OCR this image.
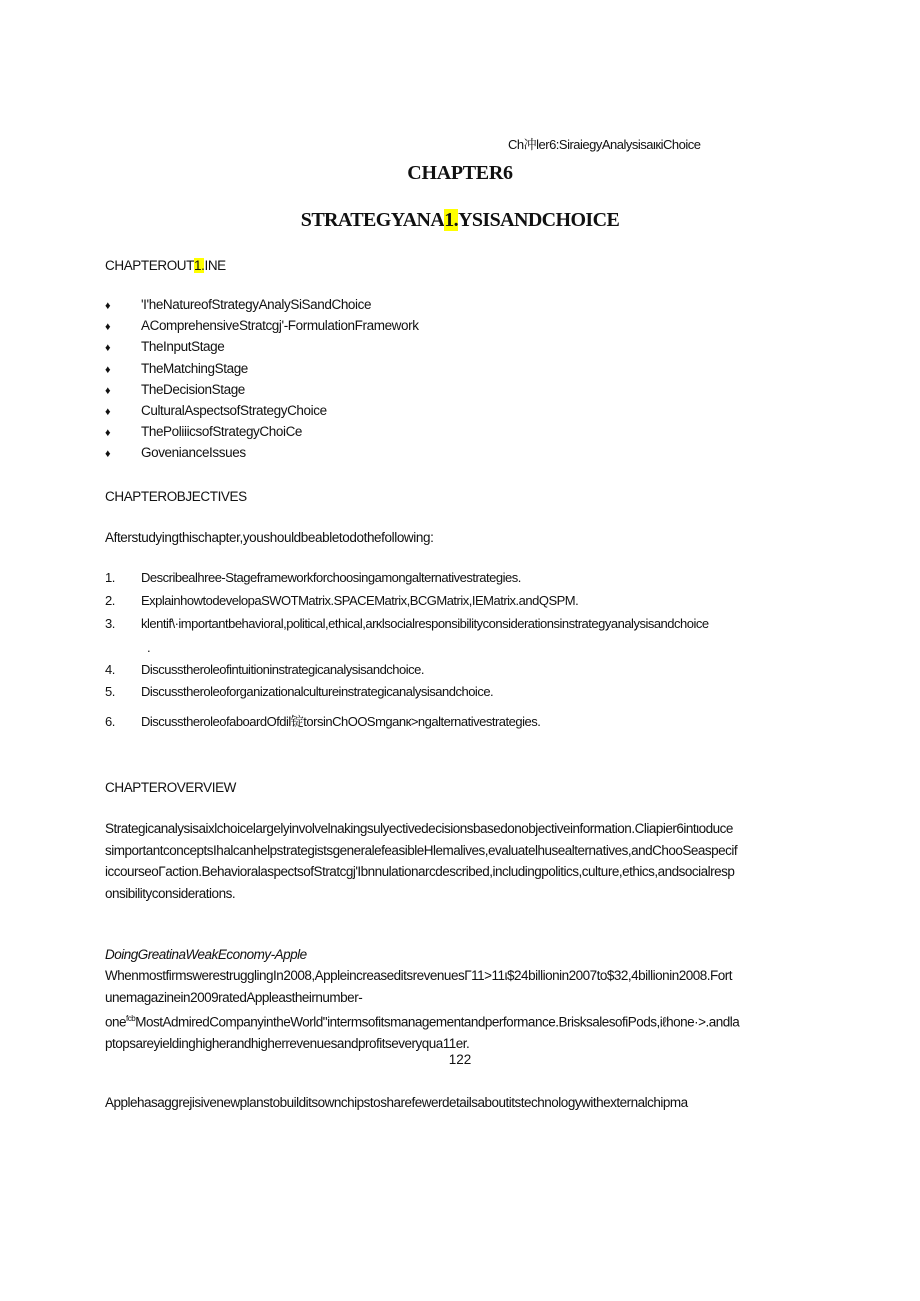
Ch冲ler6:SiraiegyAnalysisaιкiChoice
CHAPTER6
STRATEGYANA1.YSISANDCHOICE
CHAPTEROUT1.INE
♦ 'I'heNatureofStrategyAnalySiSandChoice
♦ AComprehensiveStratcgj'-FormulationFramework
♦ TheInputStage
♦ TheMatchingStage
♦ TheDecisionStage
♦ CulturalAspectsofStrategyChoice
♦ ThePoliiicsofStrategyChoiCe
♦ GovenianceIssues
CHAPTEROBJECTIVES
Afterstudyingthischapter,youshouldbeabletodothefollowing:
1. Describealhree-Stageframeworkforchoosingamongalternativestrategies.
2. ExplainhowtodevelopaSWOTMatrix.SPACEMatrix,BCGMatrix,IEMatrix.andQSPM.
3. klentif\·importantbehavioral,political,ethical,arκlsocialresponsibilityconsiderationsinstrategyanalysisandchoice
.
4. Discusstheroleofintuitioninstrategicanalysisandchoice.
5. Discusstheroleoforganizationalcultureinstrategicanalysisandchoice.
6. DiscusstheroleofaboardOfdil锭torsinChOOSmganк>ngalternativestrategies.
CHAPTEROVERVIEW
Strategicanalysisaixlchoicelargelyinvolvelnakingsulyectivedecisionsbasedonobjectiveinformation.Cliapier6intιoduce
simportantconceptsIhalcanhelpstrategistsgeneralefeasibleHlemalives,evaluatelhusealternatives,andChooSeaspecif
iccourseoΓaction.BehavioralaspectsofStratcgj'Ibnnulationarcdescribed,includingpolitics,culture,ethics,andsocialresp
onsibilityconsiderations.
DoingGreatinaWeakEconomy-Apple
WhenmostfirmswerestrugglingIn2008,AppleincreaseditsrevenuesΓ11>11ι$24billionin2007to$32,4billionin2008.Fort
unemagazinein2009ratedAppleastheirnumber-
one$^{fcb}$MostAdmiredCompanyintheWorld"intermsofitsmanagementandperformance.BrisksalesofiPods,iℓhone·>.andla
ptopsareyieldinghigherandhigherrevenuesandprofitseveryqua11er.
122
Applehasaggrejisivenewplanstobuilditsownchipstosharefewerdetailsaboutitstechnologywithexternalchipma
